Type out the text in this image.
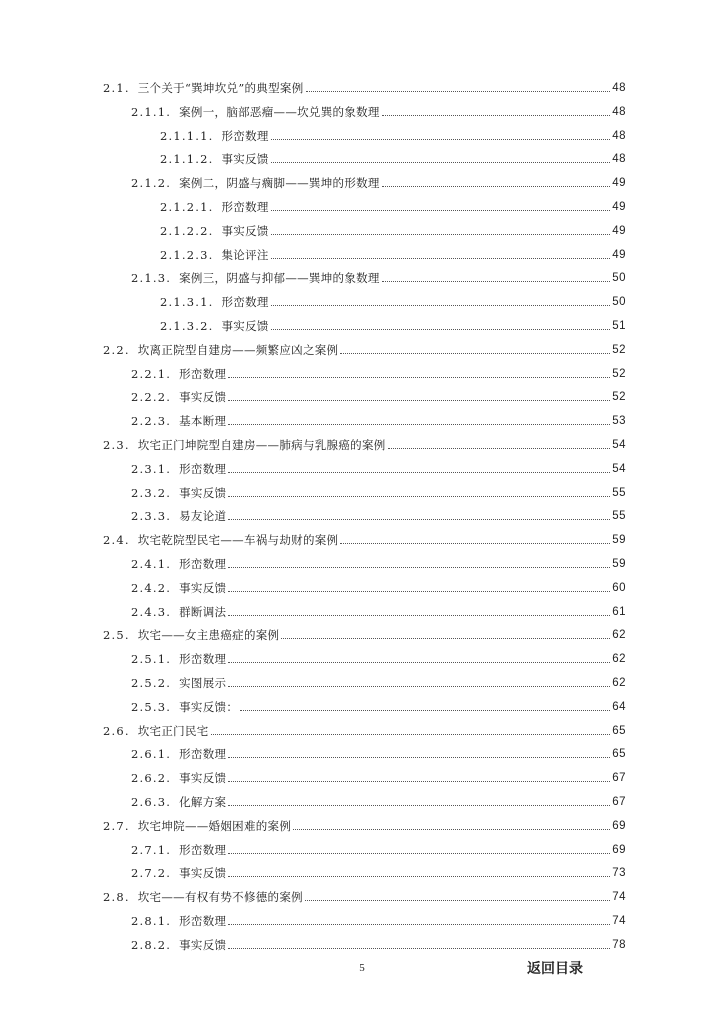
2.1. 三个关于“巽坤坎兑”的典型案例	48
2.1.1. 案例一，脑部恶瘤——坎兑巽的象数理	48
2.1.1.1. 形峦数理	48
2.1.1.2. 事实反馈	48
2.1.2. 案例二，阴盛与瘸脚——巽坤的形数理	49
2.1.2.1. 形峦数理	49
2.1.2.2. 事实反馈	49
2.1.2.3. 集论评注	49
2.1.3. 案例三，阴盛与抑郁——巽坤的象数理	50
2.1.3.1. 形峦数理	50
2.1.3.2. 事实反馈	51
2.2. 坎离正院型自建房——频繁应凶之案例	52
2.2.1. 形峦数理	52
2.2.2. 事实反馈	52
2.2.3. 基本断理	53
2.3. 坎宅正门坤院型自建房——肺病与乳腺癌的案例	54
2.3.1. 形峦数理	54
2.3.2. 事实反馈	55
2.3.3. 易友论道	55
2.4. 坎宅乾院型民宅——车祸与劫财的案例	59
2.4.1. 形峦数理	59
2.4.2. 事实反馈	60
2.4.3. 群断调法	61
2.5. 坎宅——女主患癌症的案例	62
2.5.1. 形峦数理	62
2.5.2. 实图展示	62
2.5.3. 事实反馈：	64
2.6. 坎宅正门民宅	65
2.6.1. 形峦数理	65
2.6.2. 事实反馈	67
2.6.3. 化解方案	67
2.7. 坎宅坤院——婚姻困难的案例	69
2.7.1. 形峦数理	69
2.7.2. 事实反馈	73
2.8. 坎宅——有权有势不修德的案例	74
2.8.1. 形峦数理	74
2.8.2. 事实反馈	78
5	返回目录
